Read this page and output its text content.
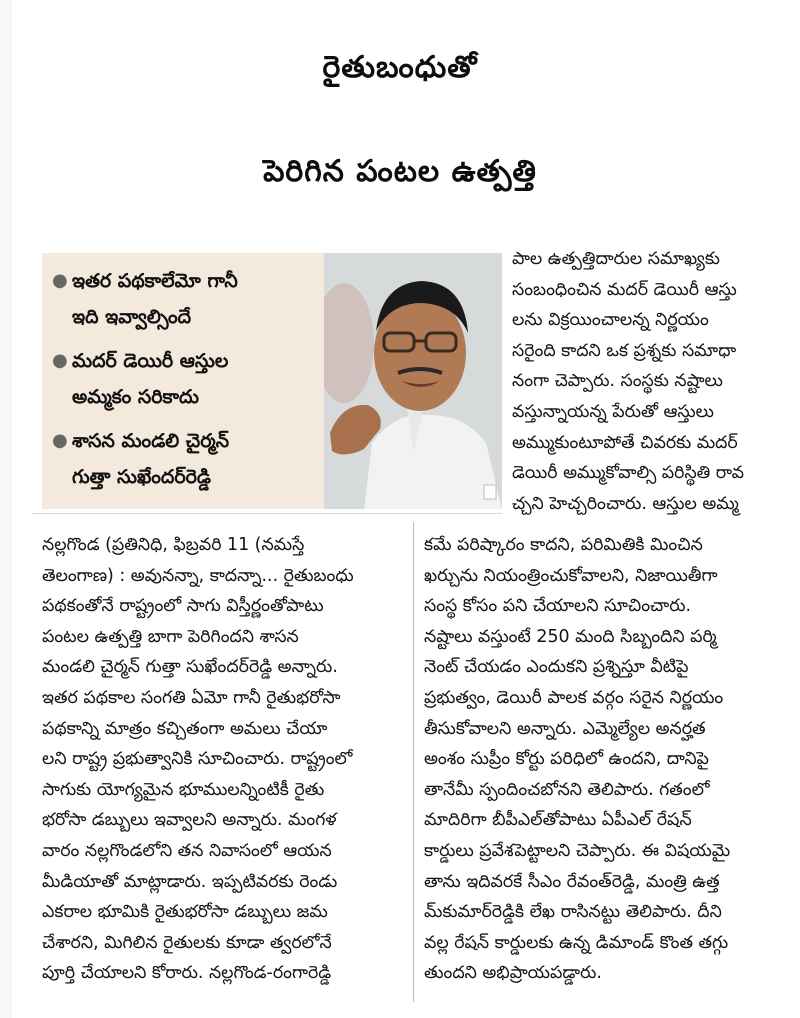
రైతుబంధుతో
పెరిగిన పంటల ఉత్పత్తి
● ఇతర పథకాలేమో గానీ
ఇది ఇవ్వాల్సిందే
● మదర్ డెయిరీ ఆస్తుల
అమ్మకం సరికాదు
● శాసన మండలి చైర్మన్
గుత్తా సుఖేందర్‌రెడ్డి
పాల ఉత్పత్తిదారుల సమాఖ్యకు
సంబంధించిన మదర్ డెయిరీ ఆస్తు
లను విక్రయించాలన్న నిర్ణయం
సరైంది కాదని ఒక ప్రశ్నకు సమాధా
నంగా చెప్పారు. సంస్థకు నష్టాలు
వస్తున్నాయన్న పేరుతో ఆస్తులు
అమ్ముకుంటూపోతే చివరకు మదర్
డెయిరీ అమ్ముకోవాల్సి పరిస్థితి రావ
చ్చని హెచ్చరించారు. ఆస్తుల అమ్మ
నల్లగొండ (ప్రతినిధి, ఫిబ్రవరి 11 (నమస్తే
తెలంగాణ) : అవునన్నా, కాదన్నా... రైతుబంధు
పథకంతోనే రాష్ట్రంలో సాగు విస్తీర్ణంతోపాటు
పంటల ఉత్పత్తి బాగా పెరిగిందని శాసన
మండలి చైర్మన్ గుత్తా సుఖేందర్‌రెడ్డి అన్నారు.
ఇతర పథకాల సంగతి ఏమో గానీ రైతుభరోసా
పథకాన్ని మాత్రం కచ్చితంగా అమలు చేయా
లని రాష్ట్ర ప్రభుత్వానికి సూచించారు. రాష్ట్రంలో
సాగుకు యోగ్యమైన భూములన్నింటికీ రైతు
భరోసా డబ్బులు ఇవ్వాలని అన్నారు. మంగళ
వారం నల్లగొండలోని తన నివాసంలో ఆయన
మీడియాతో మాట్లాడారు. ఇప్పటివరకు రెండు
ఎకరాల భూమికి రైతుభరోసా డబ్బులు జమ
చేశారని, మిగిలిన రైతులకు కూడా త్వరలోనే
పూర్తి చేయాలని కోరారు. నల్లగొండ-రంగారెడ్డి
కమే పరిష్కారం కాదని, పరిమితికి మించిన
ఖర్చును నియంత్రించుకోవాలని, నిజాయితీగా
సంస్థ కోసం పని చేయాలని సూచించారు.
నష్టాలు వస్తుంటే 250 మంది సిబ్బందిని పర్మి
నెంట్ చేయడం ఎందుకని ప్రశ్నిస్తూ వీటిపై
ప్రభుత్వం, డెయిరీ పాలక వర్గం సరైన నిర్ణయం
తీసుకోవాలని అన్నారు. ఎమ్మెల్యేల అనర్హత
అంశం సుప్రీం కోర్టు పరిధిలో ఉందని, దానిపై
తానేమీ స్పందించబోనని తెలిపారు. గతంలో
మాదిరిగా బీపీఎల్‌తోపాటు ఏపీఎల్ రేషన్
కార్డులు ప్రవేశపెట్టాలని చెప్పారు. ఈ విషయమై
తాను ఇదివరకే సీఎం రేవంత్‌రెడ్డి, మంత్రి ఉత్త
మ్‌కుమార్‌రెడ్డికి లేఖ రాసినట్టు తెలిపారు. దీని
వల్ల రేషన్ కార్డులకు ఉన్న డిమాండ్ కొంత తగ్గు
తుందని అభిప్రాయపడ్డారు.
